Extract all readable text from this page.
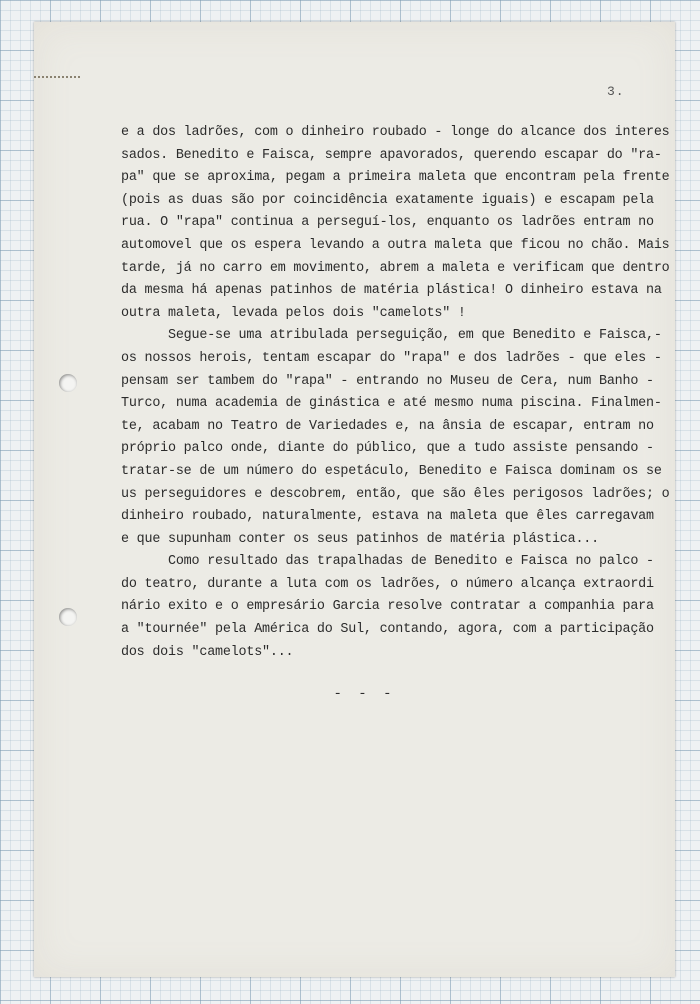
3.

e a dos ladrões, com o dinheiro roubado - longe do alcance dos interes

sados. Benedito e Faisca, sempre apavorados, querendo escapar do "ra-

pa" que se aproxima, pegam a primeira maleta que encontram pela frente

(pois as duas são por coincidência exatamente iguais) e escapam pela

rua. O "rapa" continua a perseguí-los, enquanto os ladrões entram no

automovel que os espera levando a outra maleta que ficou no chão. Mais

tarde, já no carro em movimento, abrem a maleta e verificam que dentro

da mesma há apenas patinhos de matéria plástica! O dinheiro estava na

outra maleta, levada pelos dois "camelots" !

Segue-se uma atribulada perseguição, em que Benedito e Faisca,-

os nossos herois, tentam escapar do "rapa" e dos ladrões - que eles -

pensam ser tambem do "rapa" - entrando no Museu de Cera, num Banho -

Turco, numa academia de ginástica e até mesmo numa piscina. Finalmen-

te, acabam no Teatro de Variedades e, na ânsia de escapar, entram no

próprio palco onde, diante do público, que a tudo assiste pensando -

tratar-se de um número do espetáculo, Benedito e Faisca dominam os se

us perseguidores e descobrem, então, que são êles perigosos ladrões; o

dinheiro roubado, naturalmente, estava na maleta que êles carregavam

e que supunham conter os seus patinhos de matéria plástica...

Como resultado das trapalhadas de Benedito e Faisca no palco -

do teatro, durante a luta com os ladrões, o número alcança extraordi

nário exito e o empresário Garcia resolve contratar a companhia para

a "tournée" pela América do Sul, contando, agora, com a participação

dos dois "camelots"...

- - -
